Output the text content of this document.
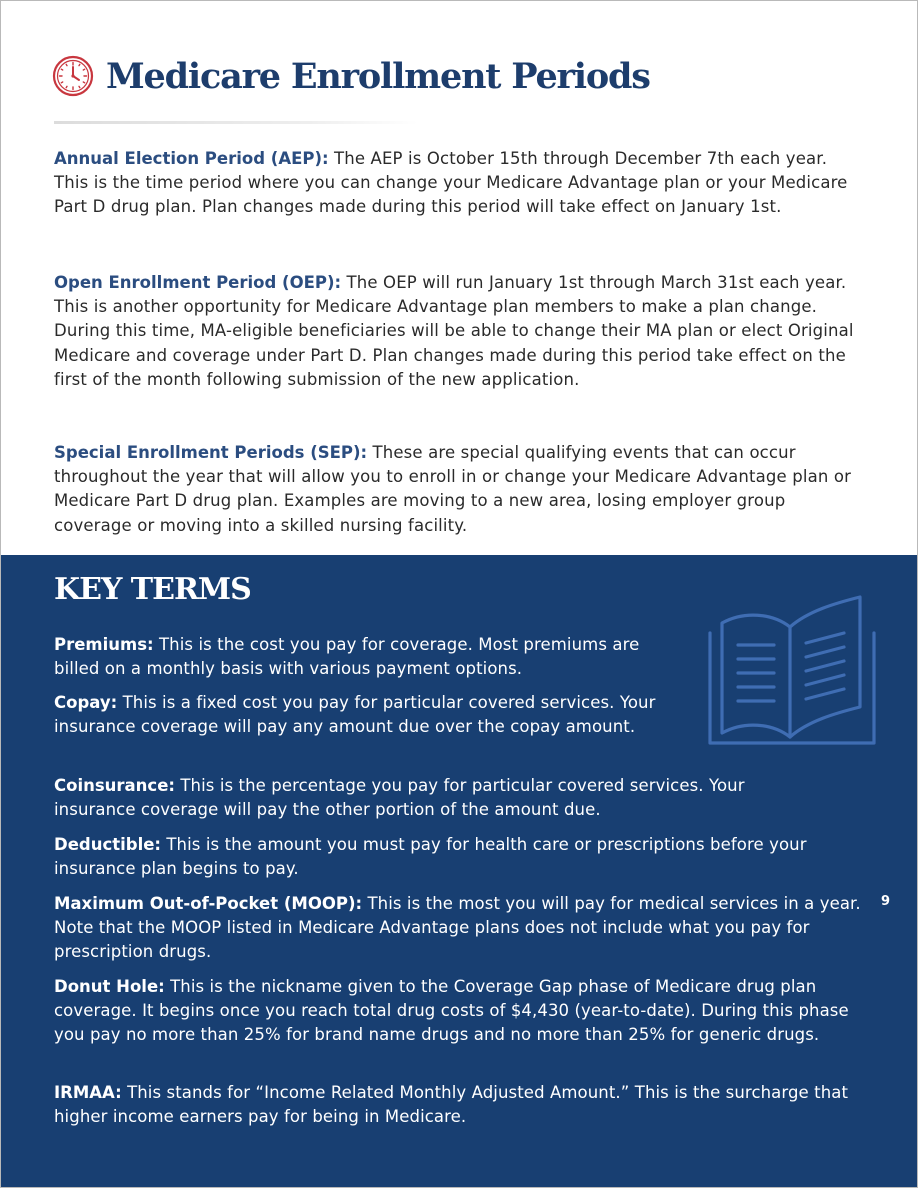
Medicare Enrollment Periods

Annual Election Period (AEP): The AEP is October 15th through December 7th each year. This is the time period where you can change your Medicare Advantage plan or your Medicare Part D drug plan. Plan changes made during this period will take effect on January 1st.

Open Enrollment Period (OEP): The OEP will run January 1st through March 31st each year. This is another opportunity for Medicare Advantage plan members to make a plan change. During this time, MA-eligible beneficiaries will be able to change their MA plan or elect Original Medicare and coverage under Part D. Plan changes made during this period take effect on the first of the month following submission of the new application.

Special Enrollment Periods (SEP): These are special qualifying events that can occur throughout the year that will allow you to enroll in or change your Medicare Advantage plan or Medicare Part D drug plan. Examples are moving to a new area, losing employer group coverage or moving into a skilled nursing facility.

KEY TERMS

Premiums: This is the cost you pay for coverage. Most premiums are billed on a monthly basis with various payment options.

Copay: This is a fixed cost you pay for particular covered services. Your insurance coverage will pay any amount due over the copay amount.

Coinsurance: This is the percentage you pay for particular covered services. Your insurance coverage will pay the other portion of the amount due.

Deductible: This is the amount you must pay for health care or prescriptions before your insurance plan begins to pay.

Maximum Out-of-Pocket (MOOP): This is the most you will pay for medical services in a year. Note that the MOOP listed in Medicare Advantage plans does not include what you pay for prescription drugs.

Donut Hole: This is the nickname given to the Coverage Gap phase of Medicare drug plan coverage. It begins once you reach total drug costs of $4,430 (year-to-date). During this phase you pay no more than 25% for brand name drugs and no more than 25% for generic drugs.

IRMAA: This stands for “Income Related Monthly Adjusted Amount.” This is the surcharge that higher income earners pay for being in Medicare.

9
